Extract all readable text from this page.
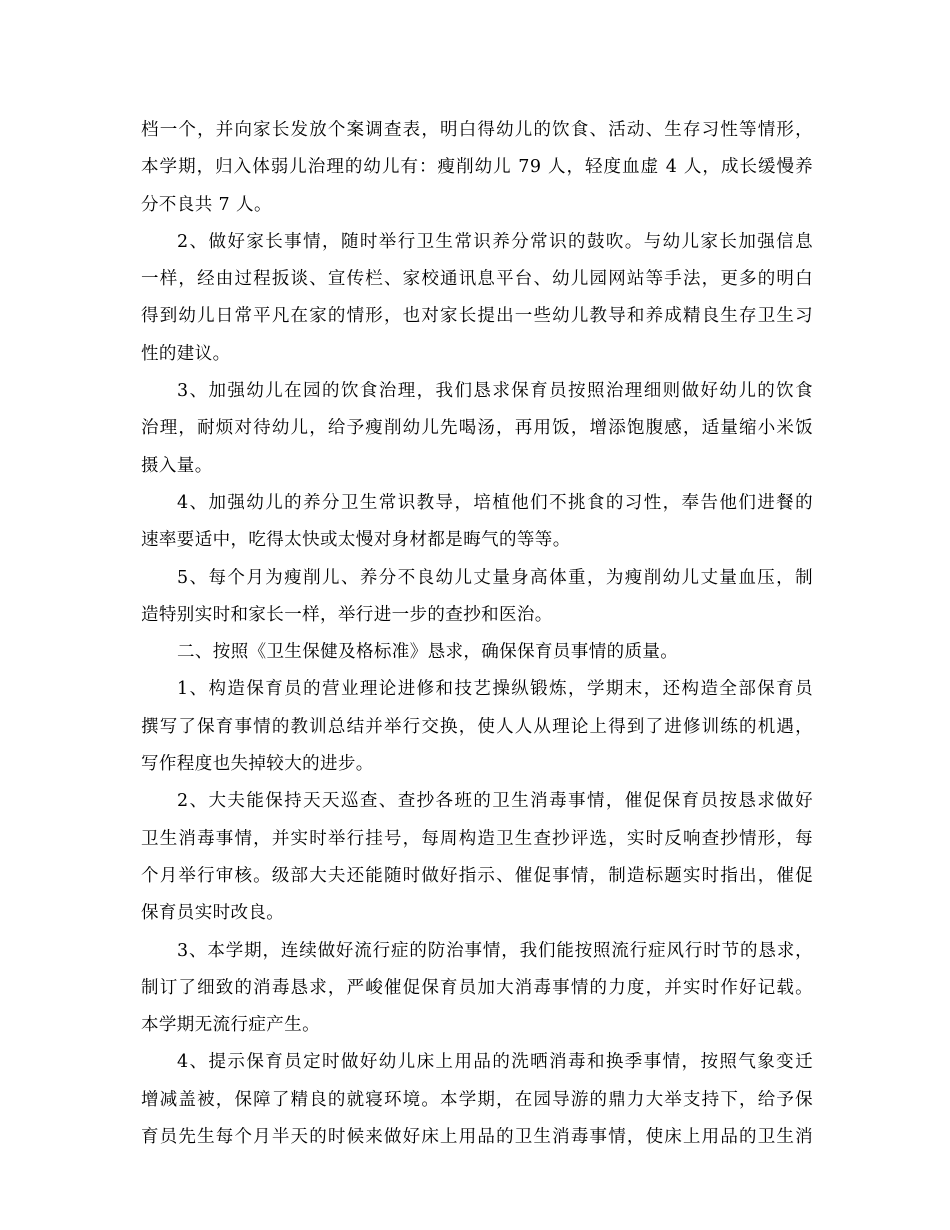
档一个，并向家长发放个案调查表，明白得幼儿的饮食、活动、生存习性等情形，
本学期，归入体弱儿治理的幼儿有：瘦削幼儿 79 人，轻度血虚 4 人，成长缓慢养
分不良共 7 人。
2、做好家长事情，随时举行卫生常识养分常识的鼓吹。与幼儿家长加强信息
一样，经由过程扳谈、宣传栏、家校通讯息平台、幼儿园网站等手法，更多的明白
得到幼儿日常平凡在家的情形，也对家长提出一些幼儿教导和养成精良生存卫生习
性的建议。
3、加强幼儿在园的饮食治理，我们恳求保育员按照治理细则做好幼儿的饮食
治理，耐烦对待幼儿，给予瘦削幼儿先喝汤，再用饭，增添饱腹感，适量缩小米饭
摄入量。
4、加强幼儿的养分卫生常识教导，培植他们不挑食的习性，奉告他们进餐的
速率要适中，吃得太快或太慢对身材都是晦气的等等。
5、每个月为瘦削儿、养分不良幼儿丈量身高体重，为瘦削幼儿丈量血压，制
造特别实时和家长一样，举行进一步的查抄和医治。
二、按照《卫生保健及格标准》恳求，确保保育员事情的质量。
1、构造保育员的营业理论进修和技艺操纵锻炼，学期末，还构造全部保育员
撰写了保育事情的教训总结并举行交换，使人人从理论上得到了进修训练的机遇，
写作程度也失掉较大的进步。
2、大夫能保持天天巡查、查抄各班的卫生消毒事情，催促保育员按恳求做好
卫生消毒事情，并实时举行挂号，每周构造卫生查抄评选，实时反响查抄情形，每
个月举行审核。级部大夫还能随时做好指示、催促事情，制造标题实时指出，催促
保育员实时改良。
3、本学期，连续做好流行症的防治事情，我们能按照流行症风行时节的恳求，
制订了细致的消毒恳求，严峻催促保育员加大消毒事情的力度，并实时作好记载。
本学期无流行症产生。
4、提示保育员定时做好幼儿床上用品的洗晒消毒和换季事情，按照气象变迁
增减盖被，保障了精良的就寝环境。本学期，在园导游的鼎力大举支持下，给予保
育员先生每个月半天的时候来做好床上用品的卫生消毒事情，使床上用品的卫生消
